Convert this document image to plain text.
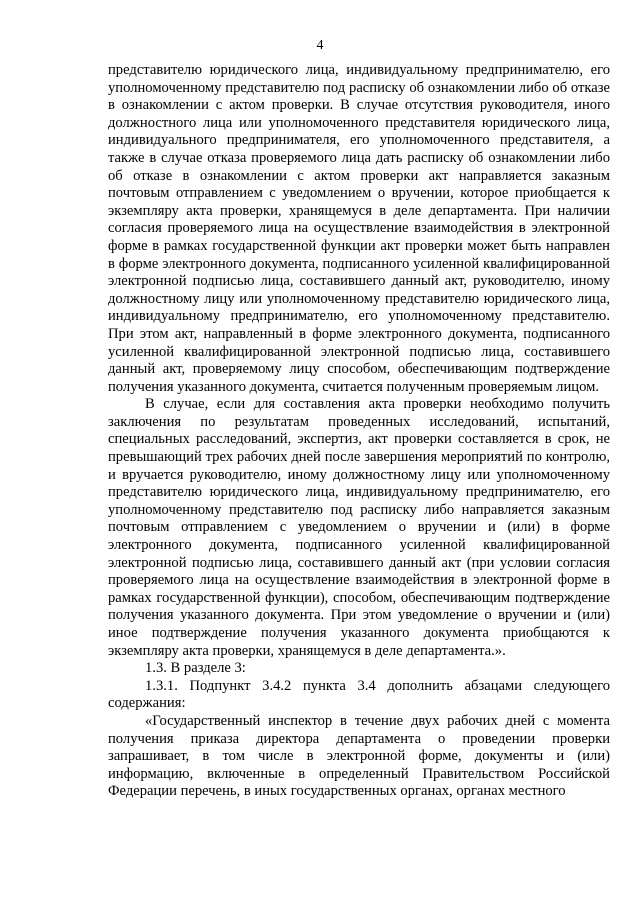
4

представителю юридического лица, индивидуальному предпринимателю, его уполномоченному представителю под расписку об ознакомлении либо об отказе в ознакомлении с актом проверки. В случае отсутствия руководителя, иного должностного лица или уполномоченного представителя юридического лица, индивидуального предпринимателя, его уполномоченного представителя, а также в случае отказа проверяемого лица дать расписку об ознакомлении либо об отказе в ознакомлении с актом проверки акт направляется заказным почтовым отправлением с уведомлением о вручении, которое приобщается к экземпляру акта проверки, хранящемуся в деле департамента. При наличии согласия проверяемого лица на осуществление взаимодействия в электронной форме в рамках государственной функции акт проверки может быть направлен в форме электронного документа, подписанного усиленной квалифицированной электронной подписью лица, составившего данный акт, руководителю, иному должностному лицу или уполномоченному представителю юридического лица, индивидуальному предпринимателю, его уполномоченному представителю. При этом акт, направленный в форме электронного документа, подписанного усиленной квалифицированной электронной подписью лица, составившего данный акт, проверяемому лицу способом, обеспечивающим подтверждение получения указанного документа, считается полученным проверяемым лицом.

В случае, если для составления акта проверки необходимо получить заключения по результатам проведенных исследований, испытаний, специальных расследований, экспертиз, акт проверки составляется в срок, не превышающий трех рабочих дней после завершения мероприятий по контролю, и вручается руководителю, иному должностному лицу или уполномоченному представителю юридического лица, индивидуальному предпринимателю, его уполномоченному представителю под расписку либо направляется заказным почтовым отправлением с уведомлением о вручении и (или) в форме электронного документа, подписанного усиленной квалифицированной электронной подписью лица, составившего данный акт (при условии согласия проверяемого лица на осуществление взаимодействия в электронной форме в рамках государственной функции), способом, обеспечивающим подтверждение получения указанного документа. При этом уведомление о вручении и (или) иное подтверждение получения указанного документа приобщаются к экземпляру акта проверки, хранящемуся в деле департамента.».

1.3. В разделе 3:

1.3.1. Подпункт 3.4.2 пункта 3.4 дополнить абзацами следующего содержания:

«Государственный инспектор в течение двух рабочих дней с момента получения приказа директора департамента о проведении проверки запрашивает, в том числе в электронной форме, документы и (или) информацию, включенные в определенный Правительством Российской Федерации перечень, в иных государственных органах, органах местного
